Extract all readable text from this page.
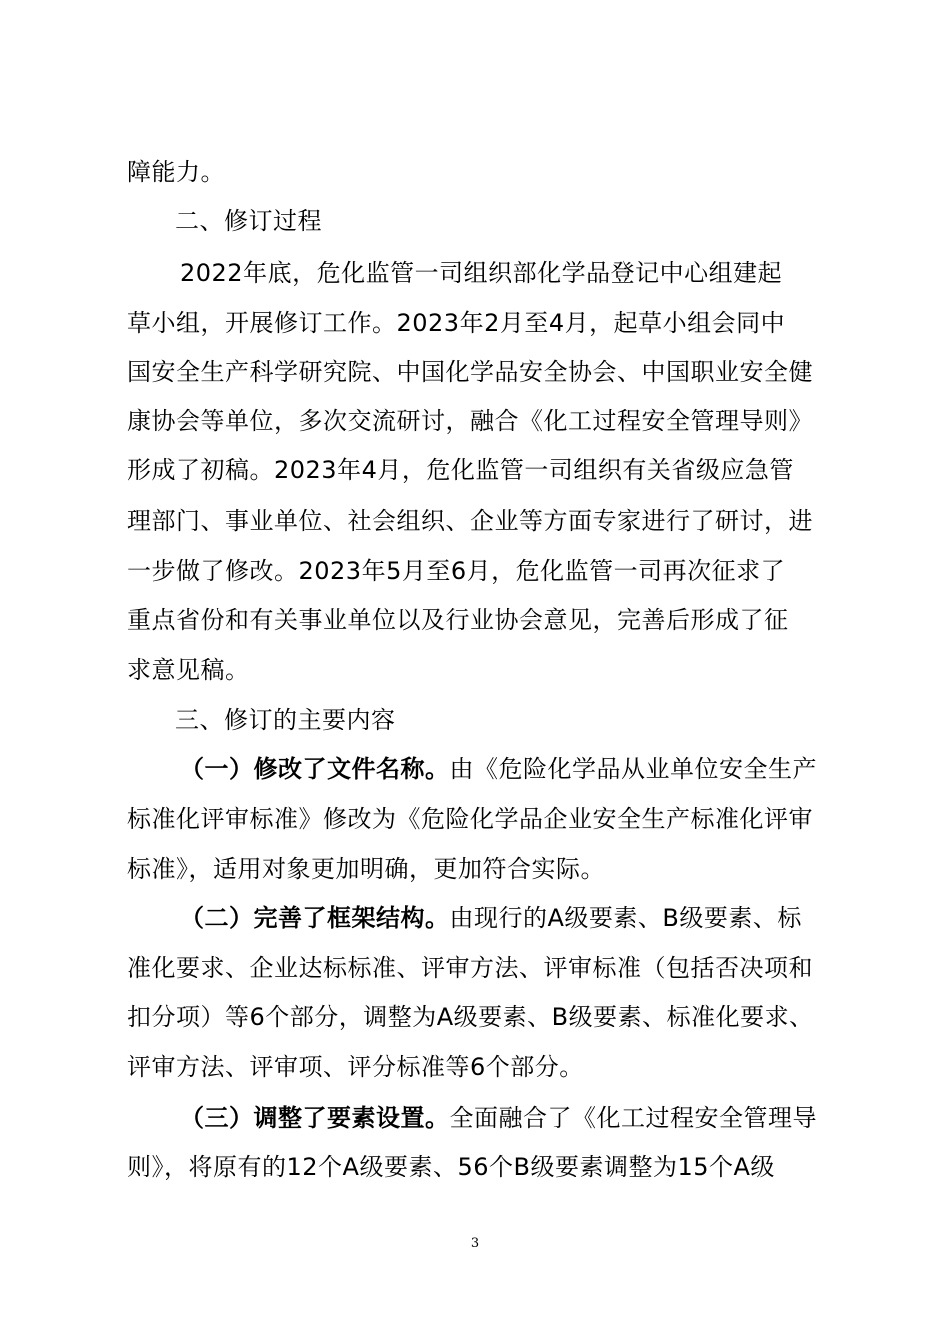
障能力。
二、修订过程
2022年底，危化监管一司组织部化学品登记中心组建起
草小组，开展修订工作。2023年2月至4月，起草小组会同中
国安全生产科学研究院、中国化学品安全协会、中国职业安全健
康协会等单位，多次交流研讨，融合《化工过程安全管理导则》
形成了初稿。2023年4月，危化监管一司组织有关省级应急管
理部门、事业单位、社会组织、企业等方面专家进行了研讨，进
一步做了修改。2023年5月至6月，危化监管一司再次征求了
重点省份和有关事业单位以及行业协会意见，完善后形成了征
求意见稿。
三、修订的主要内容
（一）修改了文件名称。由《危险化学品从业单位安全生产
标准化评审标准》修改为《危险化学品企业安全生产标准化评审
标准》，适用对象更加明确，更加符合实际。
（二）完善了框架结构。由现行的A级要素、B级要素、标
准化要求、企业达标标准、评审方法、评审标准（包括否决项和
扣分项）等6个部分，调整为A级要素、B级要素、标准化要求、
评审方法、评审项、评分标准等6个部分。
（三）调整了要素设置。全面融合了《化工过程安全管理导
则》，将原有的12个A级要素、56个B级要素调整为15个A级
3
